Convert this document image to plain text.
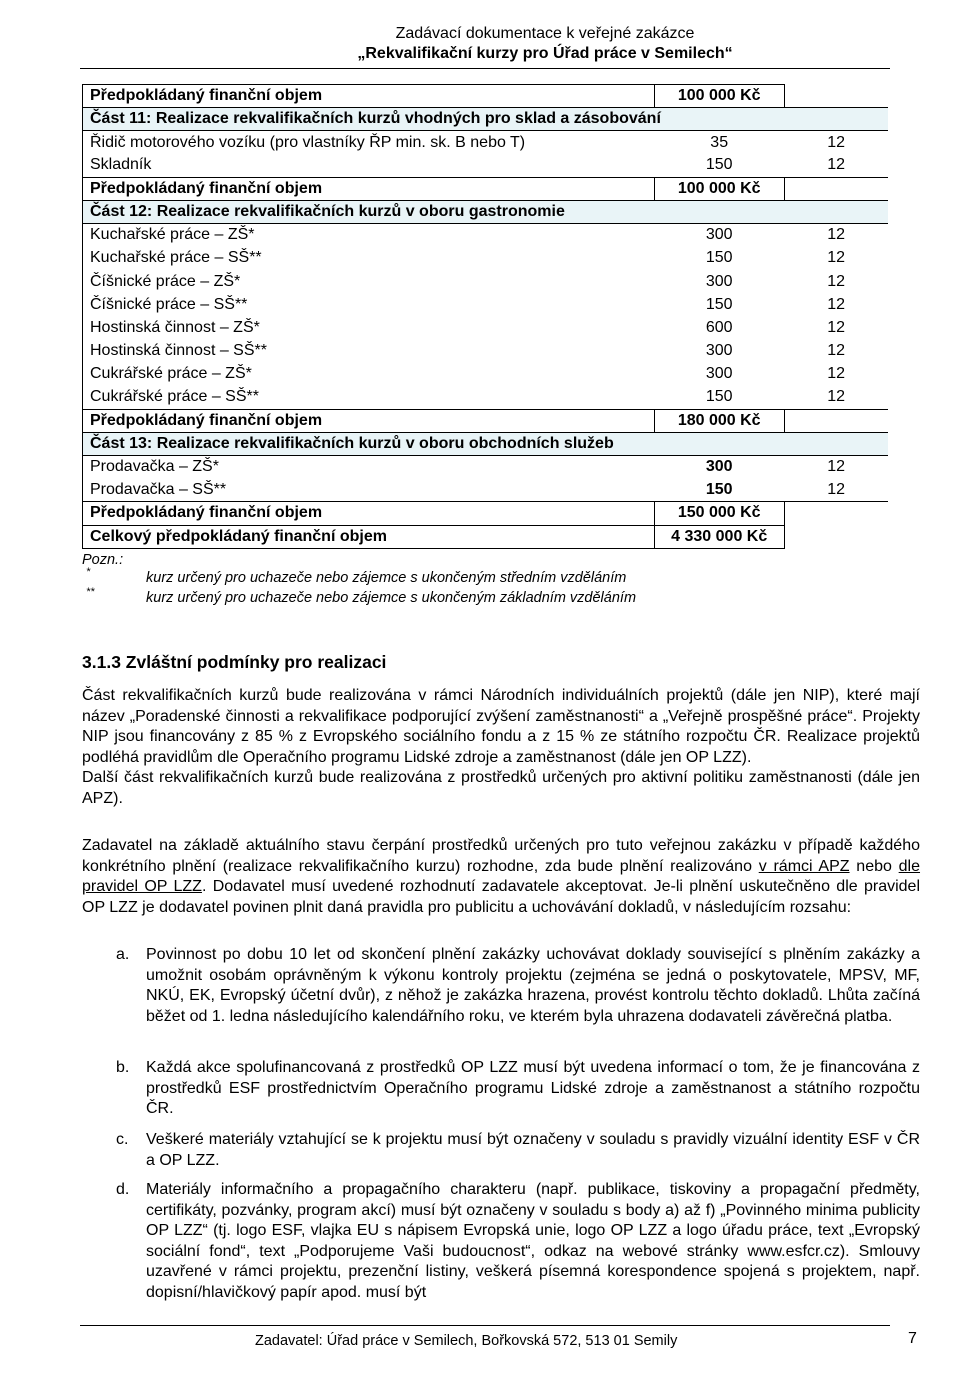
Zadávací dokumentace k veřejné zakázce
„Rekvalifikační kurzy pro Úřad práce v Semilech“
Předpokládaný finanční objem	100 000 Kč	
Část 11: Realizace rekvalifikačních kurzů vhodných pro sklad a zásobování		
Řidič motorového vozíku (pro vlastníky ŘP min. sk. B nebo T)	35	12
Skladník	150	12
Předpokládaný finanční objem	100 000 Kč	
Část 12: Realizace rekvalifikačních kurzů v oboru gastronomie		
Kuchařské práce – ZŠ*	300	12
Kuchařské práce – SŠ**	150	12
Číšnické práce – ZŠ*	300	12
Číšnické práce – SŠ**	150	12
Hostinská činnost – ZŠ*	600	12
Hostinská činnost – SŠ**	300	12
Cukrářské práce – ZŠ*	300	12
Cukrářské práce – SŠ**	150	12
Předpokládaný finanční objem	180 000 Kč	
Část 13: Realizace rekvalifikačních kurzů v oboru obchodních služeb		
Prodavačka – ZŠ*	300	12
Prodavačka – SŠ**	150	12
Předpokládaný finanční objem	150 000 Kč	
Celkový předpokládaný finanční objem	4 330 000 Kč	
Pozn.:
*	kurz určený pro uchazeče nebo zájemce s ukončeným středním vzděláním
**	kurz určený pro uchazeče nebo zájemce s ukončeným základním vzděláním
3.1.3 Zvláštní podmínky pro realizaci
Část rekvalifikačních kurzů bude realizována v rámci Národních individuálních projektů (dále jen NIP), které mají název „Poradenské činnosti a rekvalifikace podporující zvýšení zaměstnanosti“ a „Veřejně prospěšné práce“. Projekty NIP jsou financovány z 85 % z Evropského sociálního fondu a z 15 % ze státního rozpočtu ČR. Realizace projektů podléhá pravidlům dle Operačního programu Lidské zdroje a zaměstnanost (dále jen OP LZZ).
Další část rekvalifikačních kurzů bude realizována z prostředků určených pro aktivní politiku zaměstnanosti (dále jen APZ).
Zadavatel na základě aktuálního stavu čerpání prostředků určených pro tuto veřejnou zakázku v případě každého konkrétního plnění (realizace rekvalifikačního kurzu) rozhodne, zda bude plnění realizováno v rámci APZ nebo dle pravidel OP LZZ. Dodavatel musí uvedené rozhodnutí zadavatele akceptovat. Je-li plnění uskutečněno dle pravidel OP LZZ je dodavatel povinen plnit daná pravidla pro publicitu a uchovávání dokladů, v následujícím rozsahu:
a. Povinnost po dobu 10 let od skončení plnění zakázky uchovávat doklady související s plněním zakázky a umožnit osobám oprávněným k výkonu kontroly projektu (zejména se jedná o poskytovatele, MPSV, MF, NKÚ, EK, Evropský účetní dvůr), z něhož je zakázka hrazena, provést kontrolu těchto dokladů. Lhůta začíná běžet od 1. ledna následujícího kalendářního roku, ve kterém byla uhrazena dodavateli závěrečná platba.
b. Každá akce spolufinancovaná z prostředků OP LZZ musí být uvedena informací o tom, že je financována z prostředků ESF prostřednictvím Operačního programu Lidské zdroje a zaměstnanost a státního rozpočtu ČR.
c. Veškeré materiály vztahující se k projektu musí být označeny v souladu s pravidly vizuální identity ESF v ČR a OP LZZ.
d. Materiály informačního a propagačního charakteru (např. publikace, tiskoviny a propagační předměty, certifikáty, pozvánky, program akcí) musí být označeny v souladu s body a) až f) „Povinného minima publicity OP LZZ“ (tj. logo ESF, vlajka EU s nápisem Evropská unie, logo OP LZZ a logo úřadu práce, text „Evropský sociální fond“, text „Podporujeme Vaši budoucnost“, odkaz na webové stránky www.esfcr.cz). Smlouvy uzavřené v rámci projektu, prezenční listiny, veškerá písemná korespondence spojená s projektem, např. dopisní/hlavičkový papír apod. musí být
Zadavatel: Úřad práce v Semilech, Bořkovská 572, 513 01 Semily	7
